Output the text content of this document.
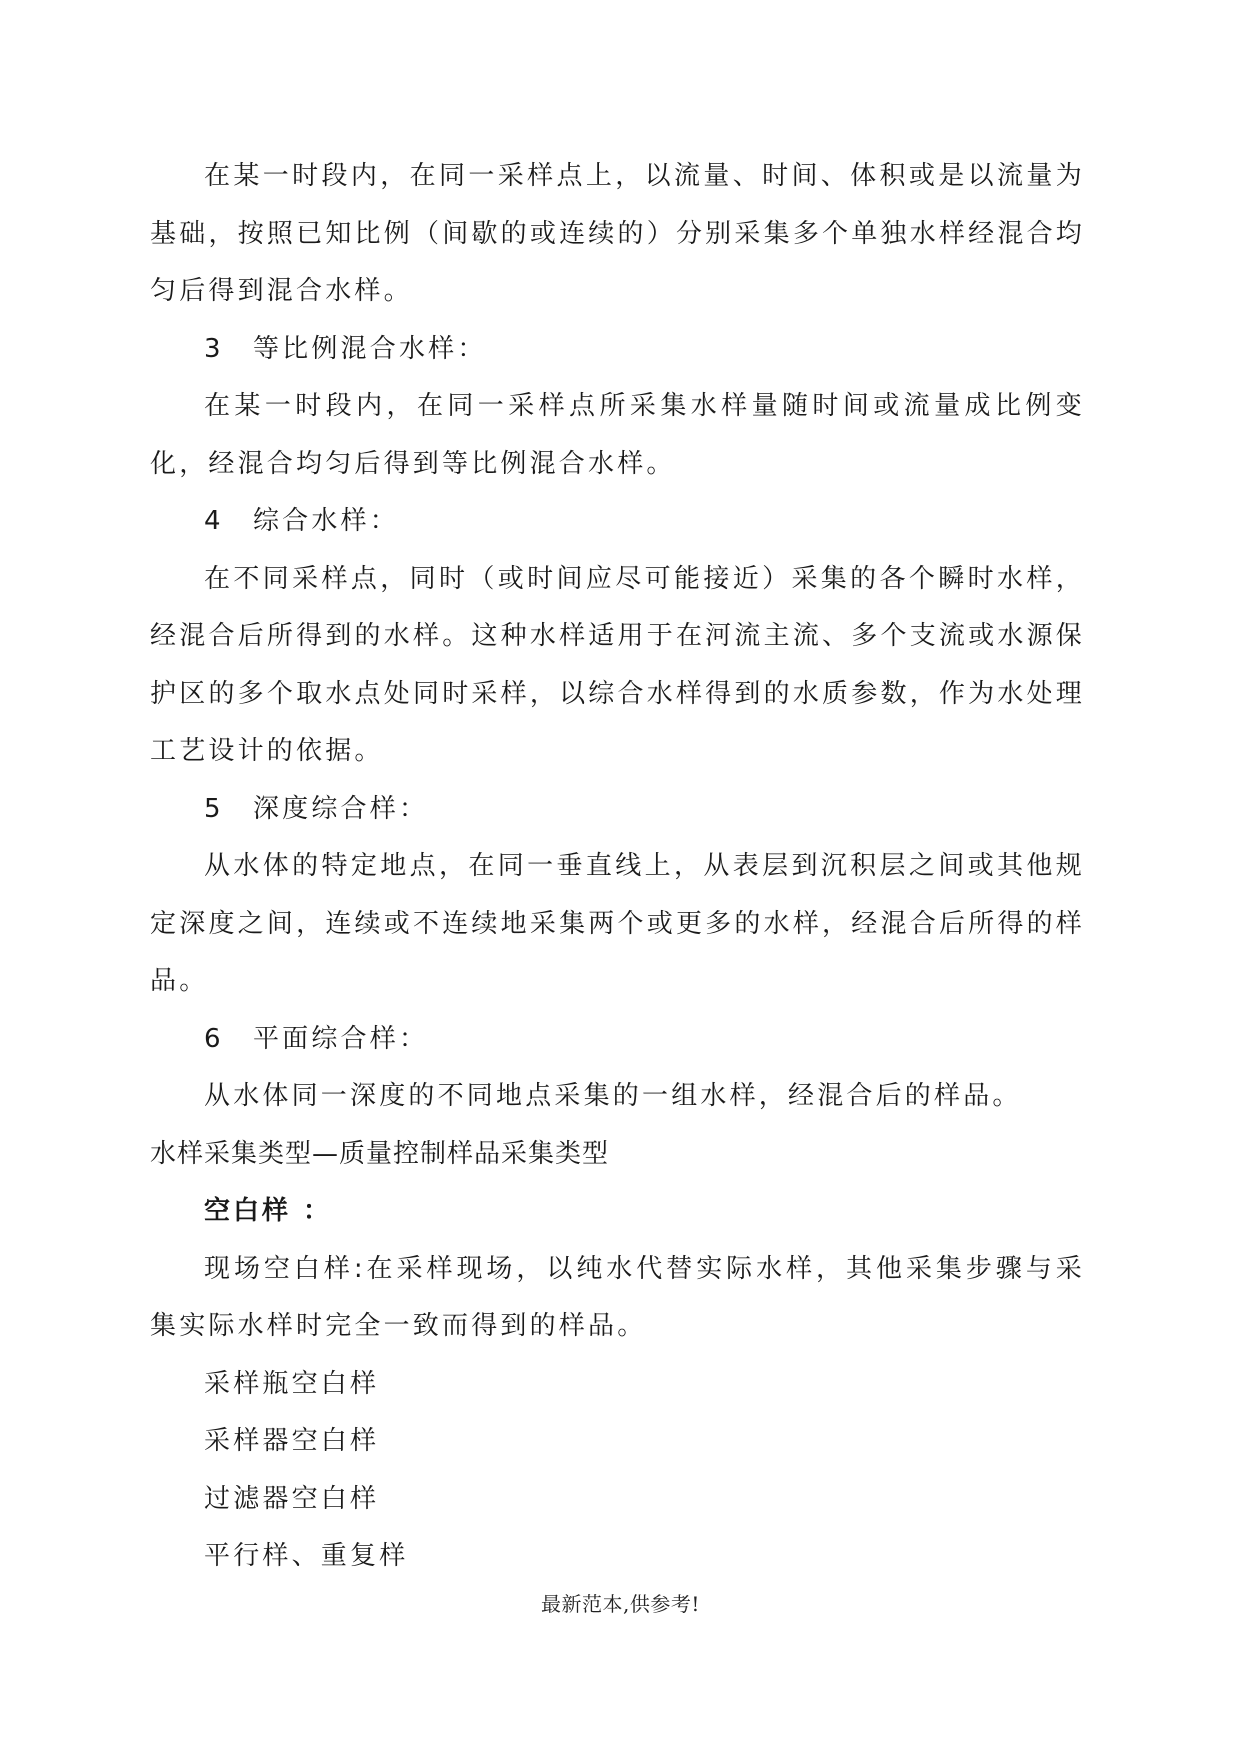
在某一时段内，在同一采样点上，以流量、时间、体积或是以流量为基础，按照已知比例（间歇的或连续的）分别采集多个单独水样经混合均匀后得到混合水样。

3　等比例混合水样：

在某一时段内，在同一采样点所采集水样量随时间或流量成比例变化，经混合均匀后得到等比例混合水样。

4　综合水样：

在不同采样点，同时（或时间应尽可能接近）采集的各个瞬时水样，经混合后所得到的水样。这种水样适用于在河流主流、多个支流或水源保护区的多个取水点处同时采样，以综合水样得到的水质参数，作为水处理工艺设计的依据。

5　深度综合样：

从水体的特定地点，在同一垂直线上，从表层到沉积层之间或其他规定深度之间，连续或不连续地采集两个或更多的水样，经混合后所得的样品。

6　平面综合样：

从水体同一深度的不同地点采集的一组水样，经混合后的样品。

水样采集类型—质量控制样品采集类型

空白样 ：

现场空白样:在采样现场，以纯水代替实际水样，其他采集步骤与采集实际水样时完全一致而得到的样品。

采样瓶空白样

采样器空白样

过滤器空白样

平行样、重复样

最新范本,供参考!
